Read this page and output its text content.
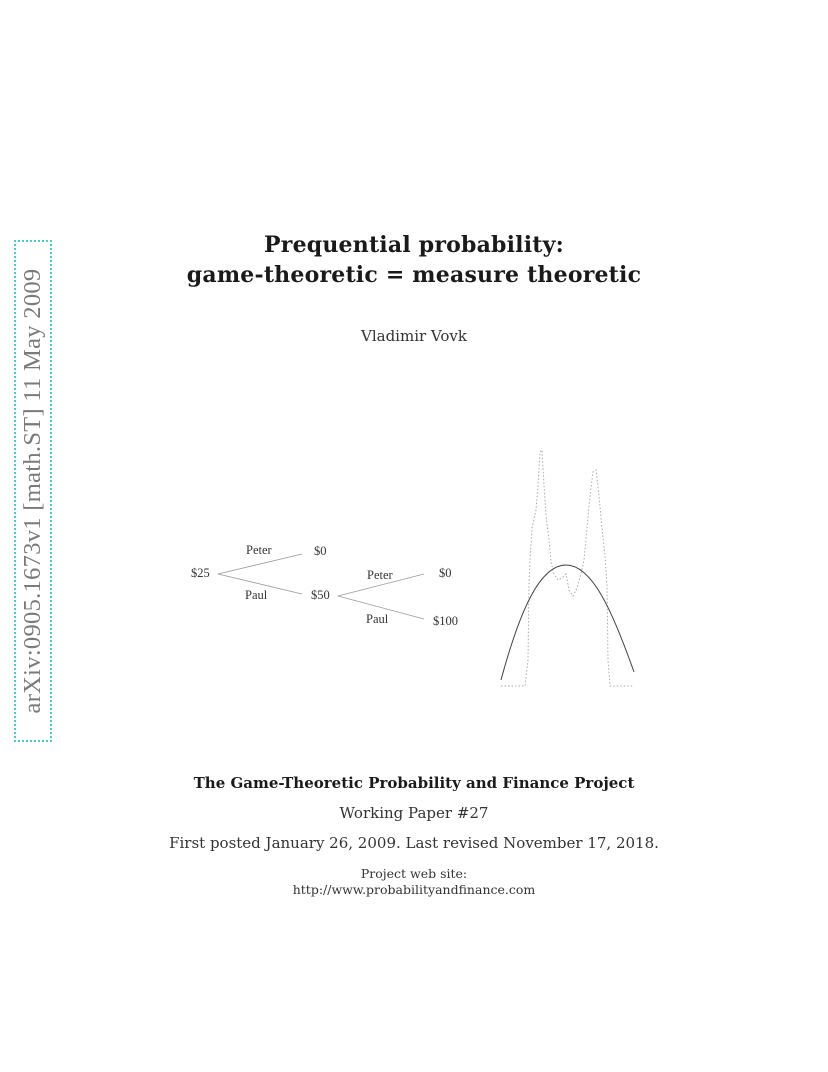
arXiv:0905.1673v1 [math.ST] 11 May 2009
Prequential probability:
game-theoretic = measure theoretic
Vladimir Vovk
$25
Peter	$0
Paul	$50
Peter	$0
Paul	$100
The Game-Theoretic Probability and Finance Project
Working Paper #27
First posted January 26, 2009. Last revised November 17, 2018.
Project web site:
http://www.probabilityandfinance.com
